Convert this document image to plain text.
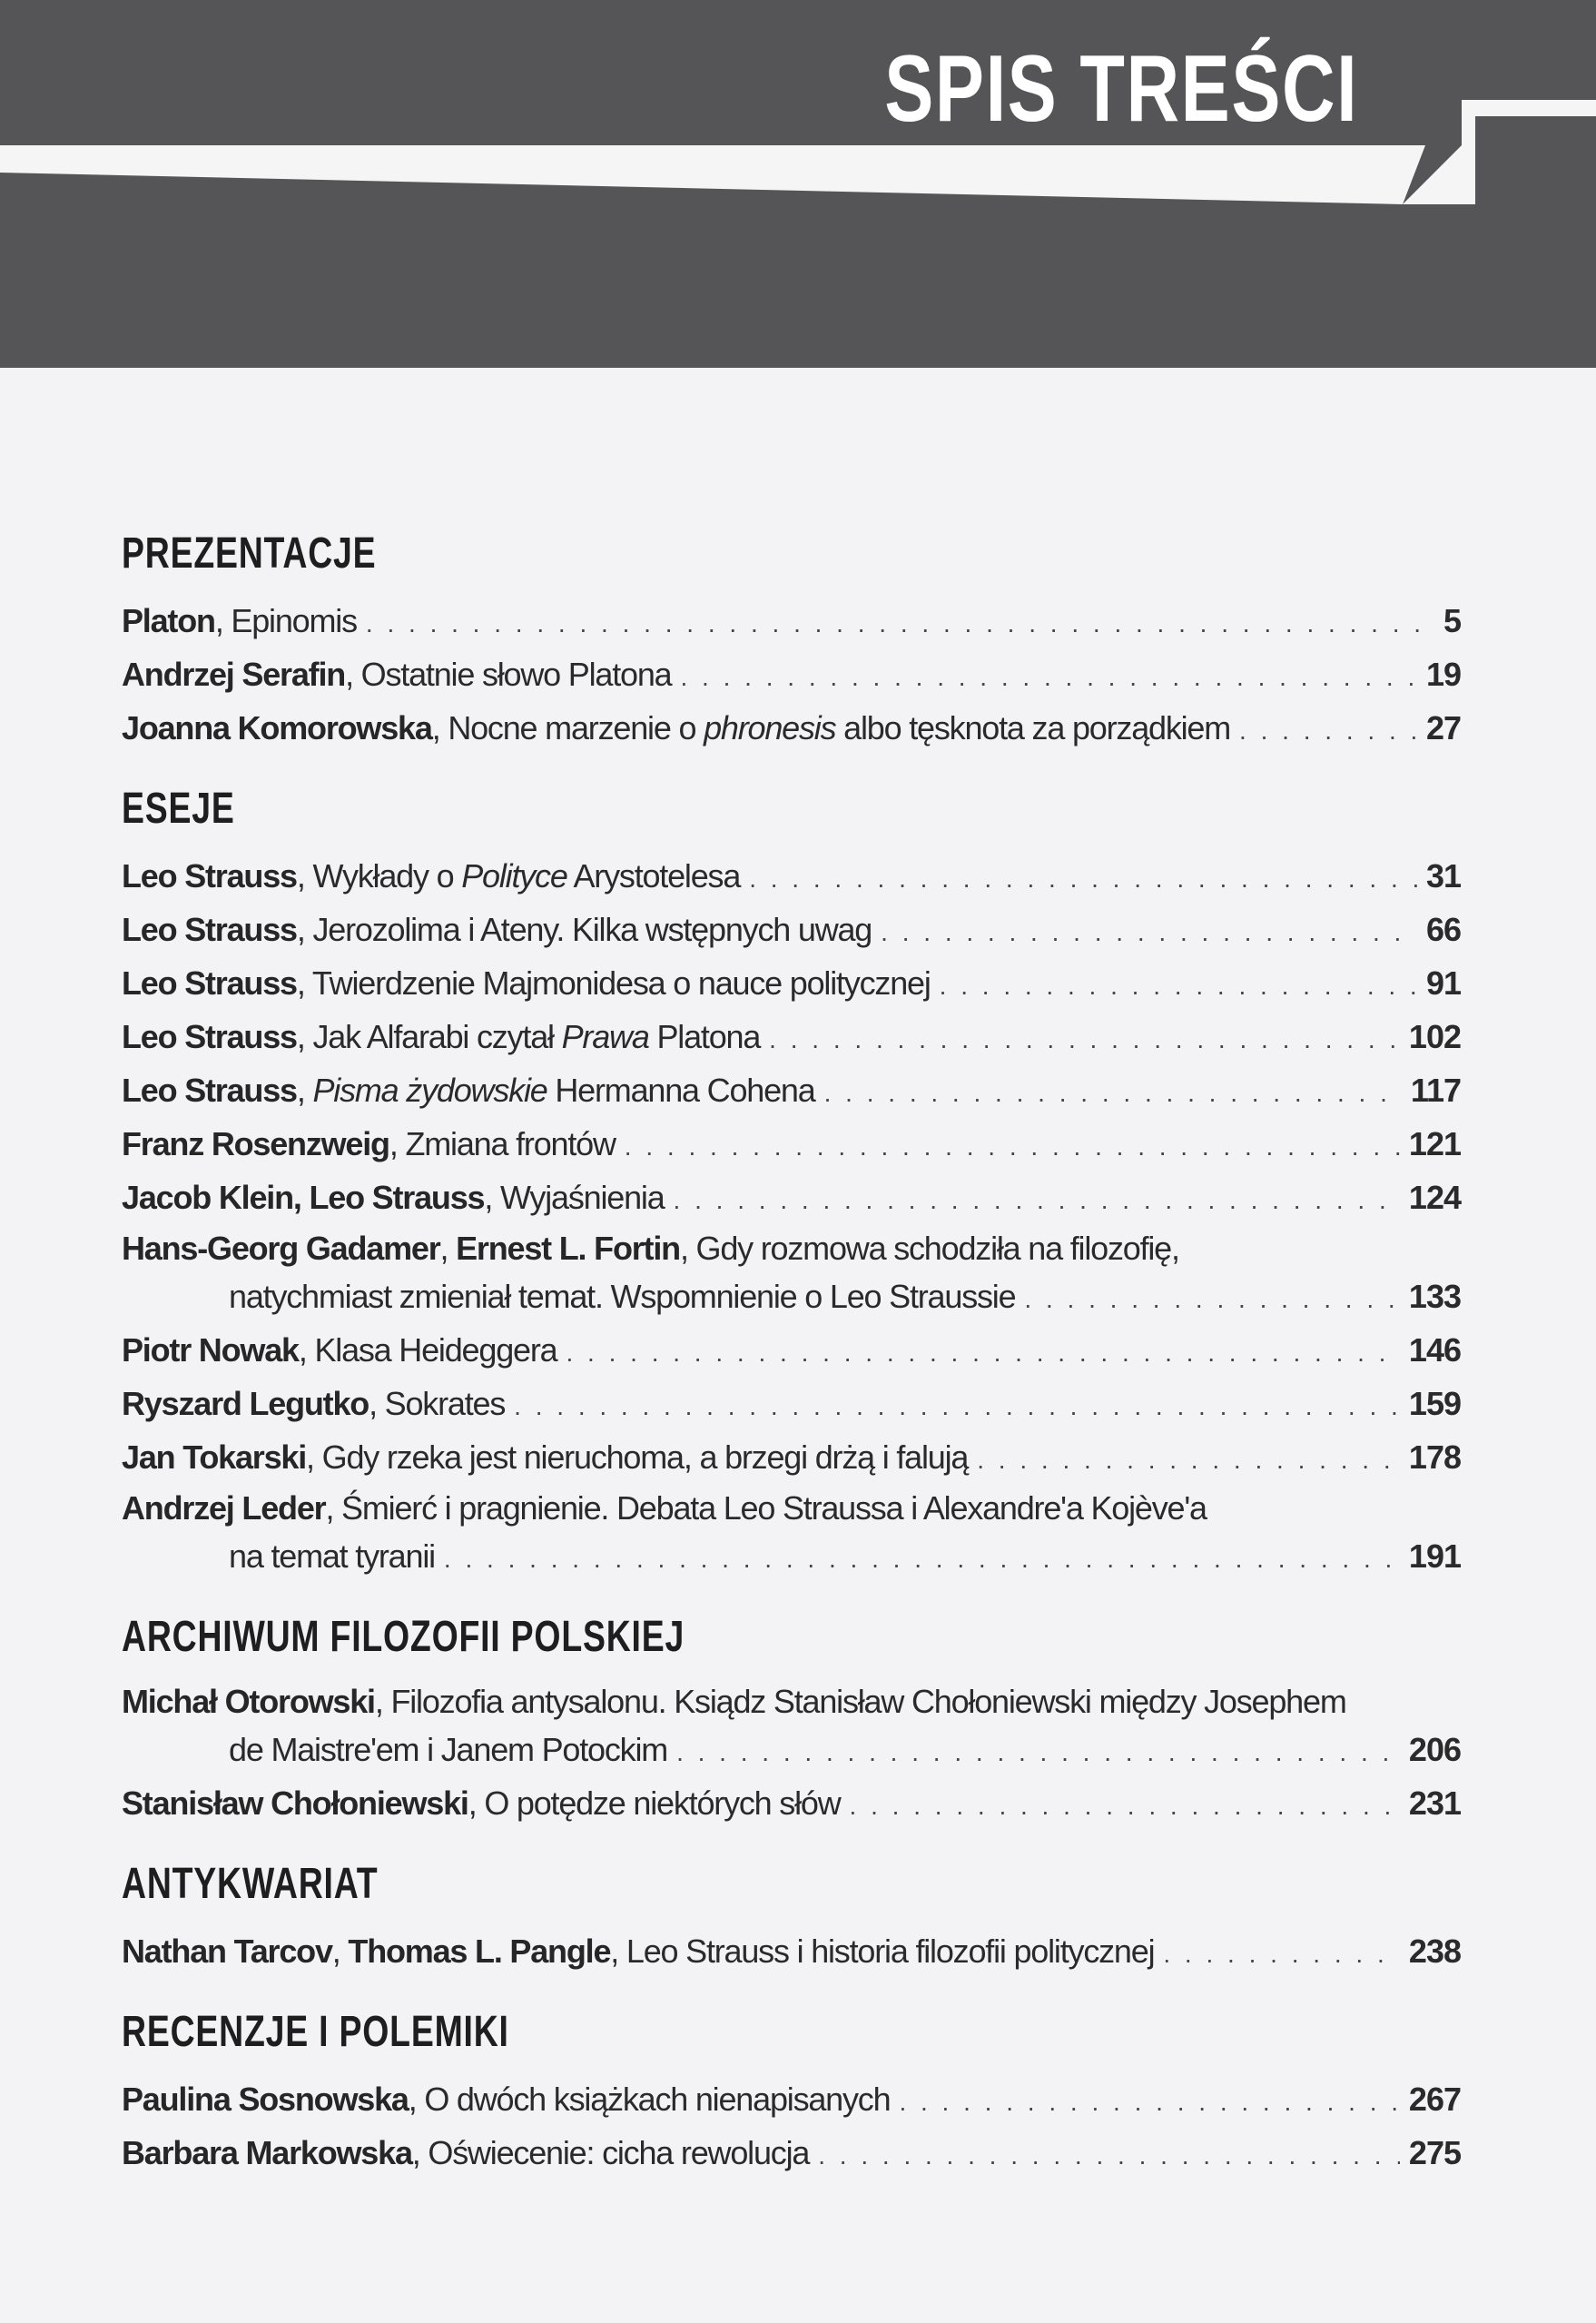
SPIS TREŚCI
PREZENTACJE
Platon, Epinomis . . .	5
Andrzej Serafin, Ostatnie słowo Platona . . .	19
Joanna Komorowska, Nocne marzenie o phronesis albo tęsknota za porządkiem . . .	27
ESEJE
Leo Strauss, Wykłady o Polityce Arystotelesa . . .	31
Leo Strauss, Jerozolima i Ateny. Kilka wstępnych uwag . . .	66
Leo Strauss, Twierdzenie Majmonidesa o nauce politycznej . . .	91
Leo Strauss, Jak Alfarabi czytał Prawa Platona . . .	102
Leo Strauss, Pisma żydowskie Hermanna Cohena . . .	117
Franz Rosenzweig, Zmiana frontów . . .	121
Jacob Klein, Leo Strauss, Wyjaśnienia . . .	124
Hans-Georg Gadamer, Ernest L. Fortin, Gdy rozmowa schodziła na filozofię,
natychmiast zmieniał temat. Wspomnienie o Leo Straussie . . .	133
Piotr Nowak, Klasa Heideggera . . .	146
Ryszard Legutko, Sokrates . . .	159
Jan Tokarski, Gdy rzeka jest nieruchoma, a brzegi drżą i falują . . .	178
Andrzej Leder, Śmierć i pragnienie. Debata Leo Straussa i Alexandre'a Kojève'a
na temat tyranii . . .	191
ARCHIWUM FILOZOFII POLSKIEJ
Michał Otorowski, Filozofia antysalonu. Ksiądz Stanisław Chołoniewski między Josephem
de Maistre'em i Janem Potockim . . .	206
Stanisław Chołoniewski, O potędze niektórych słów . . .	231
ANTYKWARIAT
Nathan Tarcov, Thomas L. Pangle, Leo Strauss i historia filozofii politycznej . . .	238
RECENZJE I POLEMIKI
Paulina Sosnowska, O dwóch książkach nienapisanych . . .	267
Barbara Markowska, Oświecenie: cicha rewolucja . . .	275
